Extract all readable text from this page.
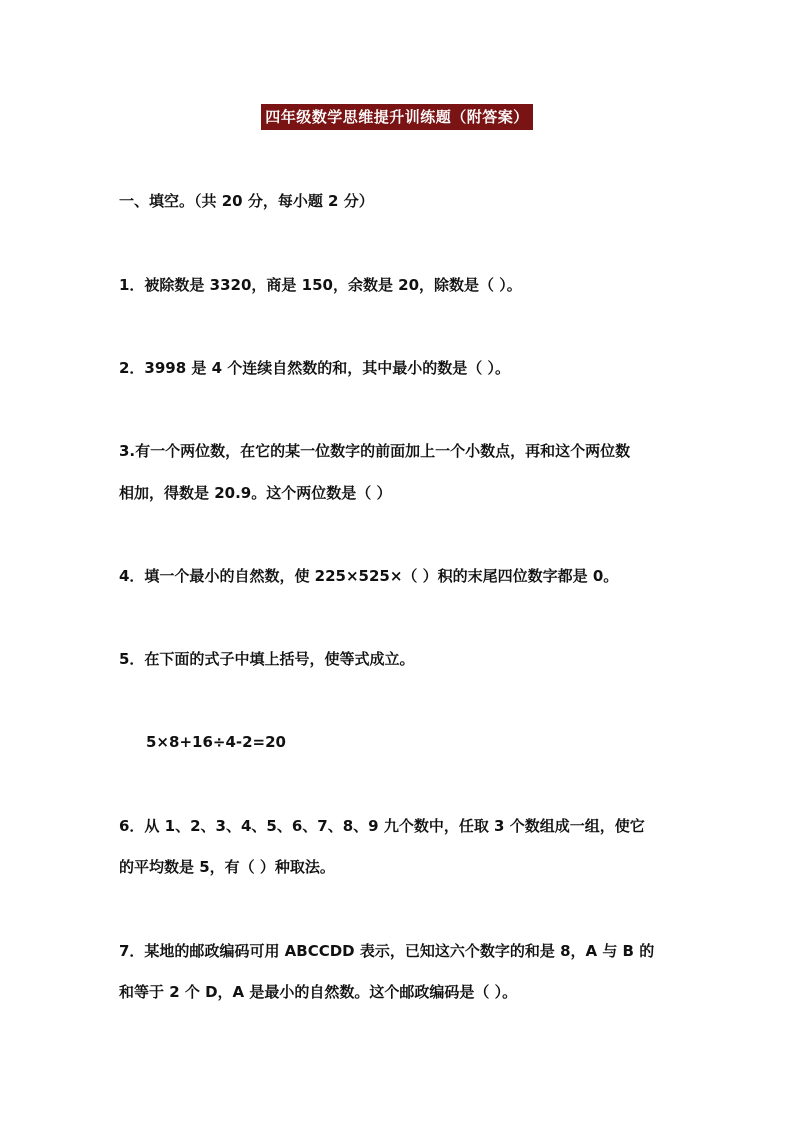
四年级数学思维提升训练题（附答案）
一、填空。（共 20 分，每小题 2 分）
1．被除数是 3320，商是 150，余数是 20，除数是（ ）。
2．3998 是 4 个连续自然数的和，其中最小的数是（ ）。
3.有一个两位数，在它的某一位数字的前面加上一个小数点，再和这个两位数
相加，得数是 20.9。这个两位数是（ ）
4．填一个最小的自然数，使 225×525×（ ）积的末尾四位数字都是 0。
5．在下面的式子中填上括号，使等式成立。
5×8+16÷4-2=20
6．从 1、2、3、4、5、6、7、8、9 九个数中，任取 3 个数组成一组，使它
的平均数是 5，有（ ）种取法。
7．某地的邮政编码可用 ABCCDD 表示，已知这六个数字的和是 8，A 与 B 的
和等于 2 个 D，A 是最小的自然数。这个邮政编码是（ ）。
